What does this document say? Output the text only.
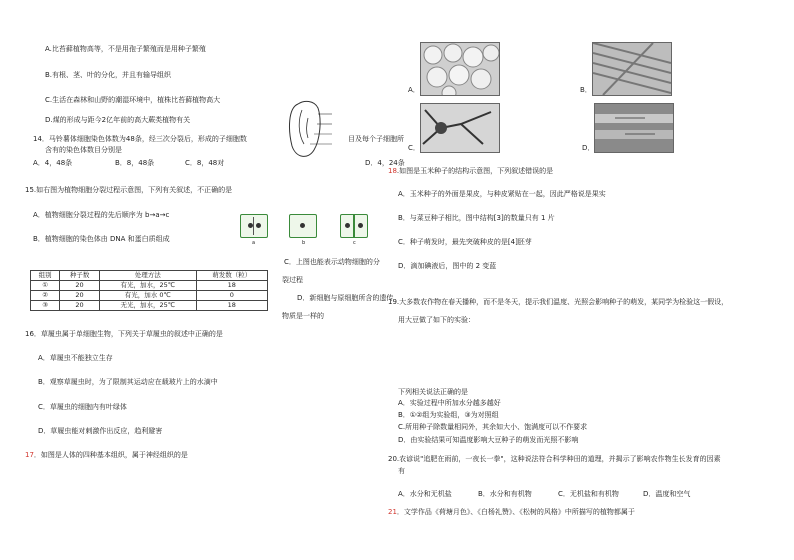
A.比苔藓植物高等，不是用孢子繁殖而是用种子繁殖
B.有根、茎、叶的分化，并且有输导组织
C.生活在森林和山野的潮湿环境中，植株比苔藓植物高大
D.煤的形成与距今2亿年前的高大蕨类植物有关
14．马铃薯体细胞染色体数为48条，经三次分裂后，形成的子细胞数	目及每个子细胞所
含有的染色体数目分别是
A．4，48条	B．8，48条	C．8，48对	D．4，24条
15.如右图为植物细胞分裂过程示意图，下列有关叙述，不正确的是
A．植物细胞分裂过程的先后顺序为 b→a→c
B．植物细胞的染色体由 DNA 和蛋白质组成	a	b	c
C．上图也能表示动物细胞的分
裂过程
D．新细胞与原细胞所含的遗传
物质是一样的
组别	种子数	处理方法	萌发数（粒）
①	20	有光，加水，25℃	18
②	20	有光，加水 0℃	0
③	20	无光，加水，25℃	18
16．草履虫属于单细胞生物，下列关于草履虫的叙述中正确的是
A．草履虫不能独立生存
B．观察草履虫时，为了限制其运动应在载玻片上的水滴中
C．草履虫的细胞内有叶绿体
D．草履虫能对刺激作出反应，趋利避害
17．如图是人体的四种基本组织，属于神经组织的是
A．	B．
C．	D．
18.如图是玉米种子的结构示意图，下列叙述错误的是
A．玉米种子的外面是果皮，与种皮紧贴在一起，因此严格说是果实
B．与菜豆种子相比，图中结构[3]的数量只有 1 片
C．种子萌发时，最先突破种皮的是[4]胚芽
D．滴加碘液后，图中的 2 变蓝
19.大多数农作物在春天播种，而不是冬天，提示我们温度、光照会影响种子的萌发，某同学为检验这一假设，
用大豆做了如下的实验：
下列相关说法正确的是
A．实验过程中所加水分越多越好
B．①②组为实验组，③为对照组
C.所用种子除数量相同外，其余如大小、饱满度可以不作要求
D．由实验结果可知温度影响大豆种子的萌发而光照不影响
20.农谚说"追肥在雨前，一夜长一拳"，这种说法符合科学种田的道理，并揭示了影响农作物生长发育的因素
有
A．水分和无机盐	B．水分和有机物	C．无机盐和有机物	D．温度和空气
21．文学作品《荷塘月色》、《白杨礼赞》、《松树的风格》中所描写的植物都属于
